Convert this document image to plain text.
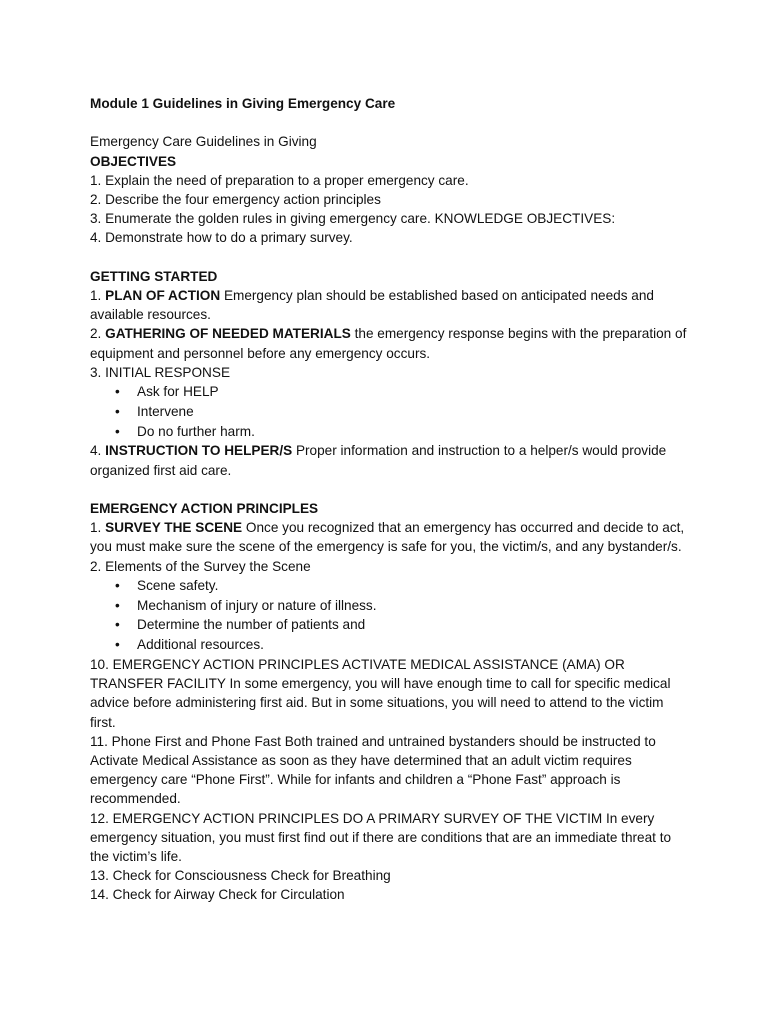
Module 1 Guidelines in Giving Emergency Care
Emergency Care Guidelines in Giving
OBJECTIVES
1. Explain the need of preparation to a proper emergency care.
2. Describe the four emergency action principles
3. Enumerate the golden rules in giving emergency care. KNOWLEDGE OBJECTIVES:
4. Demonstrate how to do a primary survey.
GETTING STARTED
1. PLAN OF ACTION Emergency plan should be established based on anticipated needs and available resources.
2. GATHERING OF NEEDED MATERIALS the emergency response begins with the preparation of equipment and personnel before any emergency occurs.
3. INITIAL RESPONSE
• Ask for HELP
• Intervene
• Do no further harm.
4. INSTRUCTION TO HELPER/S Proper information and instruction to a helper/s would provide organized first aid care.
EMERGENCY ACTION PRINCIPLES
1. SURVEY THE SCENE Once you recognized that an emergency has occurred and decide to act, you must make sure the scene of the emergency is safe for you, the victim/s, and any bystander/s.
2. Elements of the Survey the Scene
• Scene safety.
• Mechanism of injury or nature of illness.
• Determine the number of patients and
• Additional resources.
10. EMERGENCY ACTION PRINCIPLES ACTIVATE MEDICAL ASSISTANCE (AMA) OR TRANSFER FACILITY In some emergency, you will have enough time to call for specific medical advice before administering first aid. But in some situations, you will need to attend to the victim first.
11. Phone First and Phone Fast Both trained and untrained bystanders should be instructed to Activate Medical Assistance as soon as they have determined that an adult victim requires emergency care “Phone First”. While for infants and children a “Phone Fast” approach is recommended.
12. EMERGENCY ACTION PRINCIPLES DO A PRIMARY SURVEY OF THE VICTIM In every emergency situation, you must first find out if there are conditions that are an immediate threat to the victim’s life.
13. Check for Consciousness Check for Breathing
14. Check for Airway Check for Circulation
